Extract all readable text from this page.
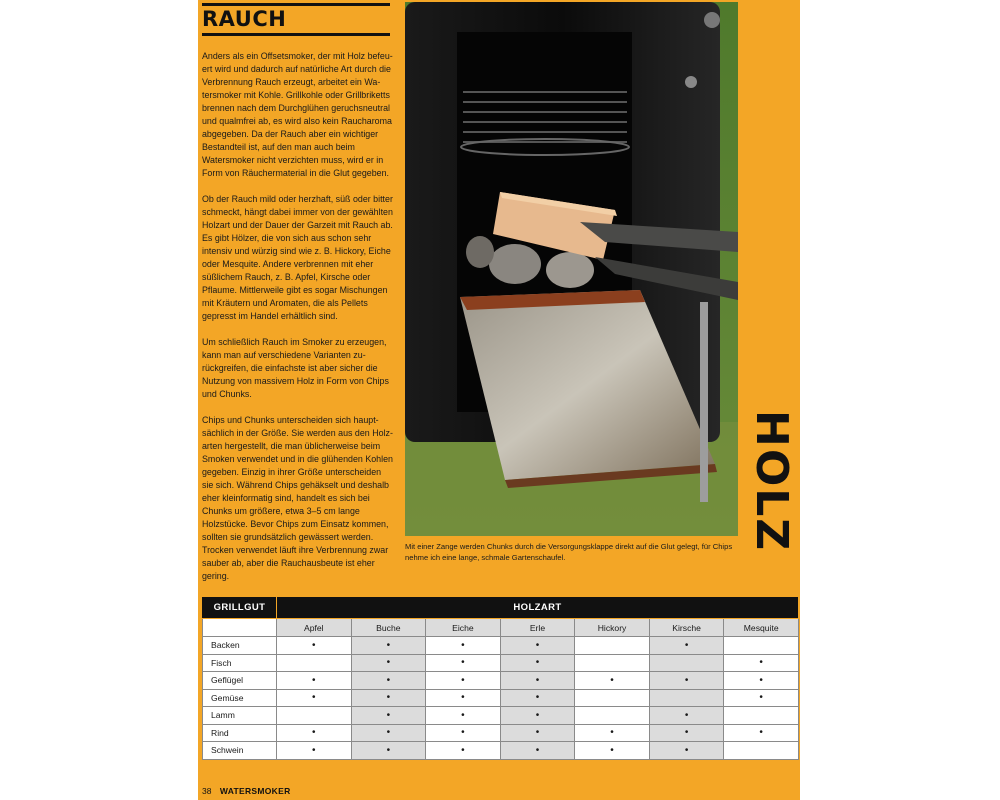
RAUCH

Anders als ein Offsetsmoker, der mit Holz befeuert wird und dadurch auf natürliche Art durch die Verbrennung Rauch erzeugt, arbeitet ein Watersmoker mit Kohle. Grillkohle oder Grillbriketts brennen nach dem Durchglühen geruchsneutral und qualmfrei ab, es wird also kein Raucharoma abgegeben. Da der Rauch aber ein wichtiger Bestandteil ist, auf den man auch beim Watersmoker nicht verzichten muss, wird er in Form von Räuchermaterial in die Glut gegeben.

Ob der Rauch mild oder herzhaft, süß oder bitter schmeckt, hängt dabei immer von der gewählten Holzart und der Dauer der Garzeit mit Rauch ab. Es gibt Hölzer, die von sich aus schon sehr intensiv und würzig sind wie z. B. Hickory, Eiche oder Mesquite. Andere verbrennen mit eher süßlichem Rauch, z. B. Apfel, Kirsche oder Pflaume. Mittlerweile gibt es sogar Mischungen mit Kräutern und Aromaten, die als Pellets gepresst im Handel erhältlich sind.

Um schließlich Rauch im Smoker zu erzeugen, kann man auf verschiedene Varianten zurückgreifen, die einfachste ist aber sicher die Nutzung von massivem Holz in Form von Chips und Chunks.

Chips und Chunks unterscheiden sich hauptsächlich in der Größe. Sie werden aus den Holzarten hergestellt, die man üblicherweise beim Smoken verwendet und in die glühenden Kohlen gegeben. Einzig in ihrer Größe unterscheiden sie sich. Während Chips gehäkselt und deshalb eher kleinformatig sind, handelt es sich bei Chunks um größere, etwa 3–5 cm lange Holzstücke. Bevor Chips zum Einsatz kommen, sollten sie grundsätzlich gewässert werden. Trocken verwendet läuft ihre Verbrennung zwar sauber ab, aber die Rauchausbeute ist eher gering.

Mit einer Zange werden Chunks durch die Versorgungsklappe direkt auf die Glut gelegt, für Chips nehme ich eine lange, schmale Gartenschaufel.
HOLZ
GRILLGUT	HOLZART						
	Apfel	Buche	Eiche	Erle	Hickory	Kirsche	Mesquite
Backen	•	•	•	•		•	
Fisch		•	•	•			•
Geflügel	•	•	•	•	•	•	•
Gemüse	•	•	•	•			•
Lamm		•	•	•		•	
Rind	•	•	•	•	•	•	•
Schwein	•	•	•	•	•	•	
38 WATERSMOKER
